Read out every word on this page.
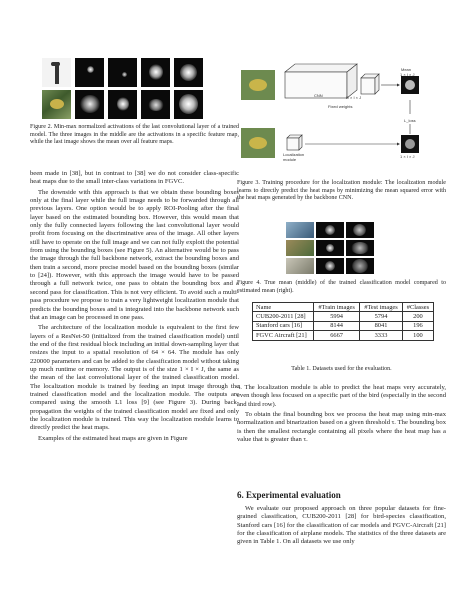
Figure 2. Min-max normalized activations of the last convolutional layer of a trained model. The three images in the middle are the activations in a specific feature map, while the last image shows the mean over all feature maps.

been made in [38], but in contrast to [38] we do not consider class-specific heat maps due to the small inter-class variations in FGVC.

The downside with this approach is that we obtain these bounding boxes only at the final layer while the full image needs to be forwarded through all previous layers. One option would be to apply ROI-Pooling after the final layer based on the estimated bounding box. However, this would mean that only the fully connected layers following the last convolutional layer would profit from focusing on the discriminative area of the image. All other layers still have to operate on the full image and we can not fully exploit the potential from using the bounding boxes (see Figure 5). An alternative would be to pass the image through the full backbone network, extract the bounding boxes and then train a second, more precise model based on the bounding boxes (similar to [24]). However, with this approach the image would have to be passed through a full network twice, one pass to obtain the bounding box and a second pass for classification. This is not very efficient. To avoid such a multi-pass procedure we propose to train a very lightweight localization module that predicts the bounding boxes and is integrated into the backbone network such that an image can be processed in one pass.

The architecture of the localization module is equivalent to the first few layers of a ResNet-50 (initialized from the trained classification model) until the end of the first residual block including an initial down-sampling layer that resizes the input to a spatial resolution of 64 × 64. The module has only 220000 parameters and can be added to the classification model without taking up much runtime or memory. The output is of the size 1 × I × J, the same as the mean of the last convolutional layer of the trained classification model. The localization module is trained by feeding an input image through the trained classification model and the localization module. The outputs are compared using the smooth L1 loss [9] (see Figure 3). During back-propagation the weights of the trained classification model are fixed and only the localization module is trained. This way the localization module learns to directly predict the heat maps.

Examples of the estimated heat maps are given in Figure

CNN	D × I × J
Mean
1 × I × J
Fixed weights
L_loss
Localization module	1 × I × J
Figure 3. Training procedure for the localization module: The localization module learns to directly predict the heat maps by minimizing the mean squared error with the heat maps generated by the backbone CNN.
Figure 4. True mean (middle) of the trained classification model compared to estimated mean (right).
Name	#Train images	#Test images	#Classes
CUB200-2011 [28]	5994	5794	200
Stanford cars [16]	8144	8041	196
FGVC Aircraft [21]	6667	3333	100
Table 1. Datasets used for the evaluation.

4. The localization module is able to predict the heat maps very accurately, even though less focused on a specific part of the bird (especially in the second and third row).

To obtain the final bounding box we process the heat map using min-max normalization and binarization based on a given threshold τ. The bounding box is then the smallest rectangle containing all pixels where the heat map has a value that is greater than τ.

6. Experimental evaluation

We evaluate our proposed approach on three popular datasets for fine-grained classification, CUB200-2011 [28] for bird-species classification, Stanford cars [16] for the classification of car models and FGVC-Aircraft [21] for the classification of airplane models. The statistics of the three datasets are given in Table 1. On all datasets we use only
